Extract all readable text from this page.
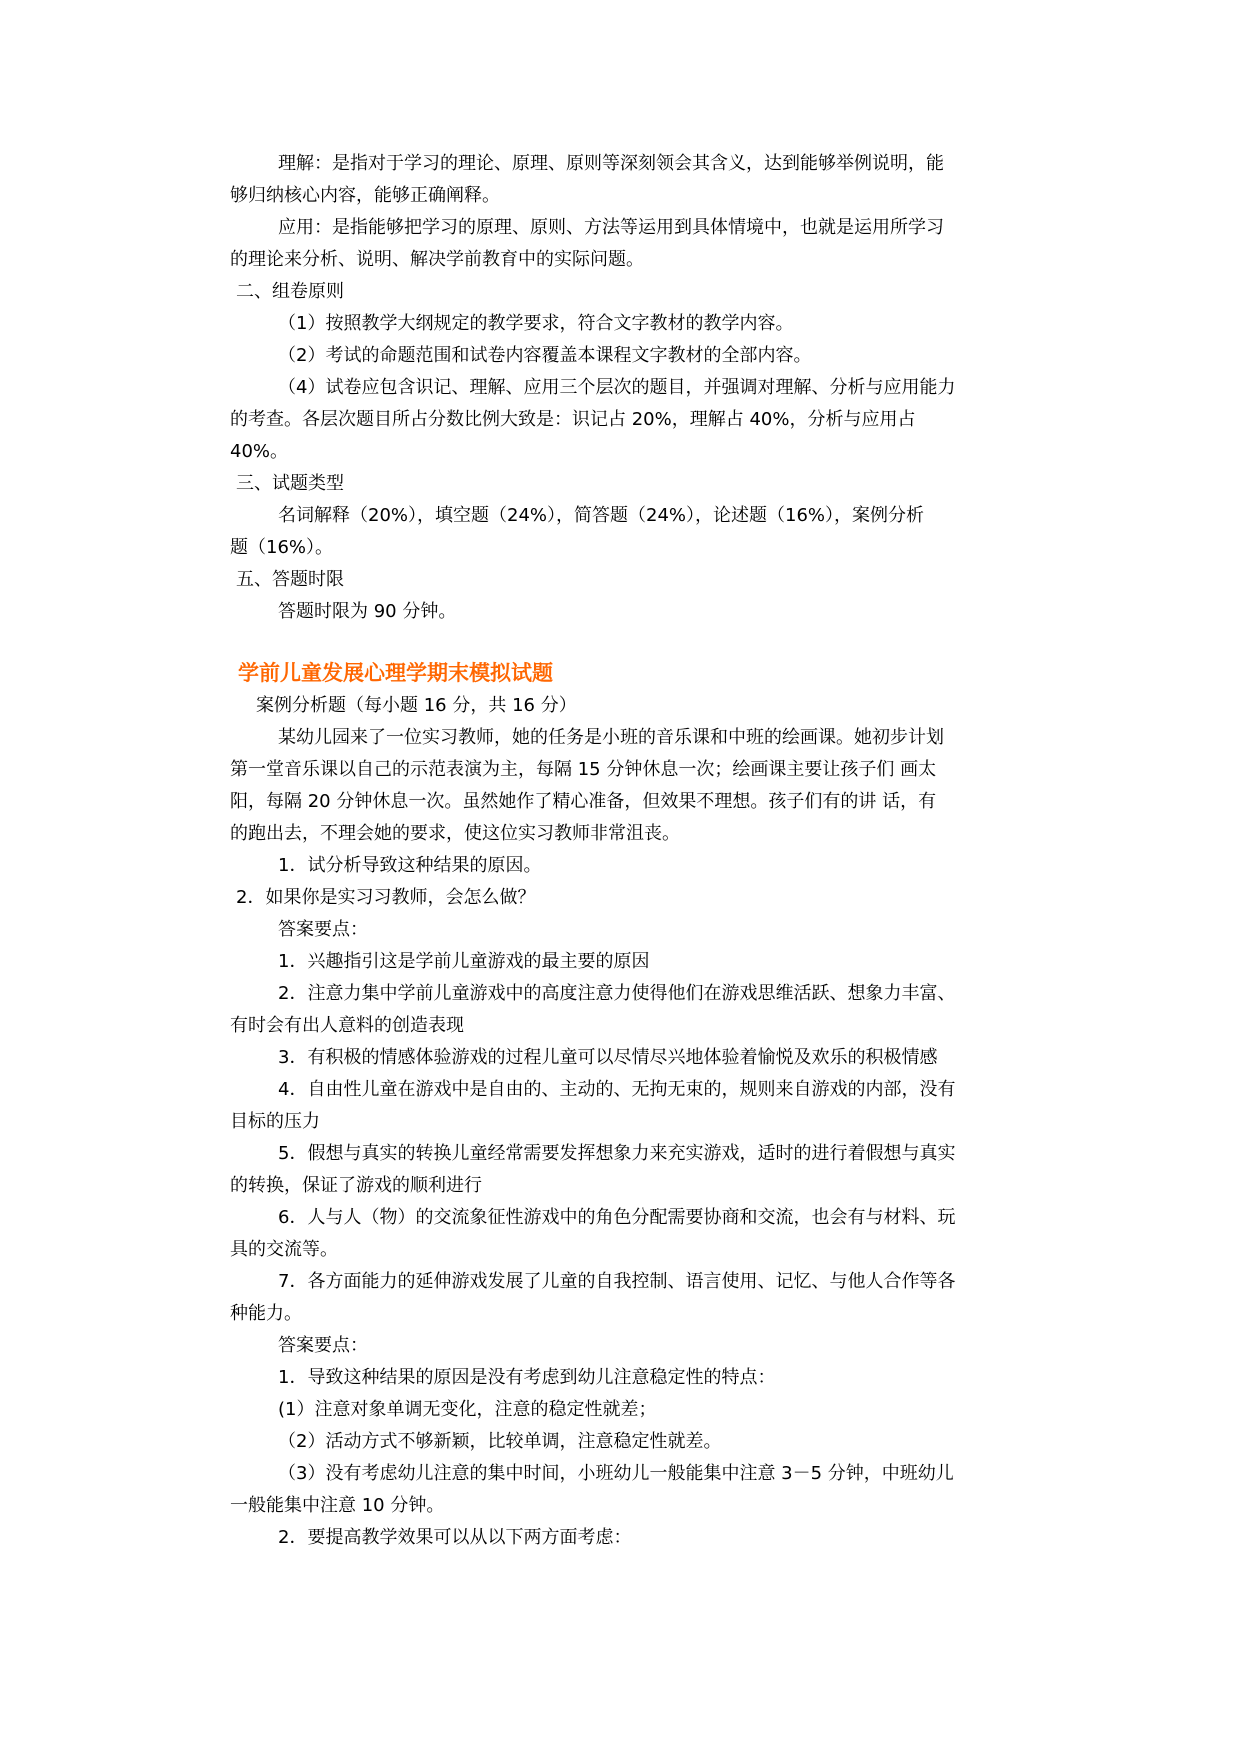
理解：是指对于学习的理论、原理、原则等深刻领会其含义，达到能够举例说明，能
够归纳核心内容，能够正确阐释。
应用：是指能够把学习的原理、原则、方法等运用到具体情境中，也就是运用所学习
的理论来分析、说明、解决学前教育中的实际问题。
二、组卷原则
（1）按照教学大纲规定的教学要求，符合文字教材的教学内容。
（2）考试的命题范围和试卷内容覆盖本课程文字教材的全部内容。
（4）试卷应包含识记、理解、应用三个层次的题目，并强调对理解、分析与应用能力
的考查。各层次题目所占分数比例大致是：识记占 20%，理解占 40%，分析与应用占
40%。
三、试题类型
名词解释（20%），填空题（24%），简答题（24%），论述题（16%），案例分析
题（16%）。
五、答题时限
答题时限为 90 分钟。
学前儿童发展心理学期末模拟试题
案例分析题（每小题 16 分，共 16 分）
某幼儿园来了一位实习教师，她的任务是小班的音乐课和中班的绘画课。她初步计划
第一堂音乐课以自己的示范表演为主，每隔 15 分钟休息一次；绘画课主要让孩子们 画太
阳，每隔 20 分钟休息一次。虽然她作了精心准备，但效果不理想。孩子们有的讲 话，有
的跑出去，不理会她的要求，使这位实习教师非常沮丧。
1．试分析导致这种结果的原因。
2．如果你是实习习教师，会怎么做？
答案要点：
1．兴趣指引这是学前儿童游戏的最主要的原因
2．注意力集中学前儿童游戏中的高度注意力使得他们在游戏思维活跃、想象力丰富、
有时会有出人意料的创造表现
3．有积极的情感体验游戏的过程儿童可以尽情尽兴地体验着愉悦及欢乐的积极情感
4．自由性儿童在游戏中是自由的、主动的、无拘无束的，规则来自游戏的内部，没有
目标的压力
5．假想与真实的转换儿童经常需要发挥想象力来充实游戏，适时的进行着假想与真实
的转换，保证了游戏的顺利进行
6．人与人（物）的交流象征性游戏中的角色分配需要协商和交流，也会有与材料、玩
具的交流等。
7．各方面能力的延伸游戏发展了儿童的自我控制、语言使用、记忆、与他人合作等各
种能力。
答案要点：
1．导致这种结果的原因是没有考虑到幼儿注意稳定性的特点：
(1）注意对象单调无变化，注意的稳定性就差；
（2）活动方式不够新颖，比较单调，注意稳定性就差。
（3）没有考虑幼儿注意的集中时间，小班幼儿一般能集中注意 3－5 分钟，中班幼儿
一般能集中注意 10 分钟。
2．要提高教学效果可以从以下两方面考虑：
